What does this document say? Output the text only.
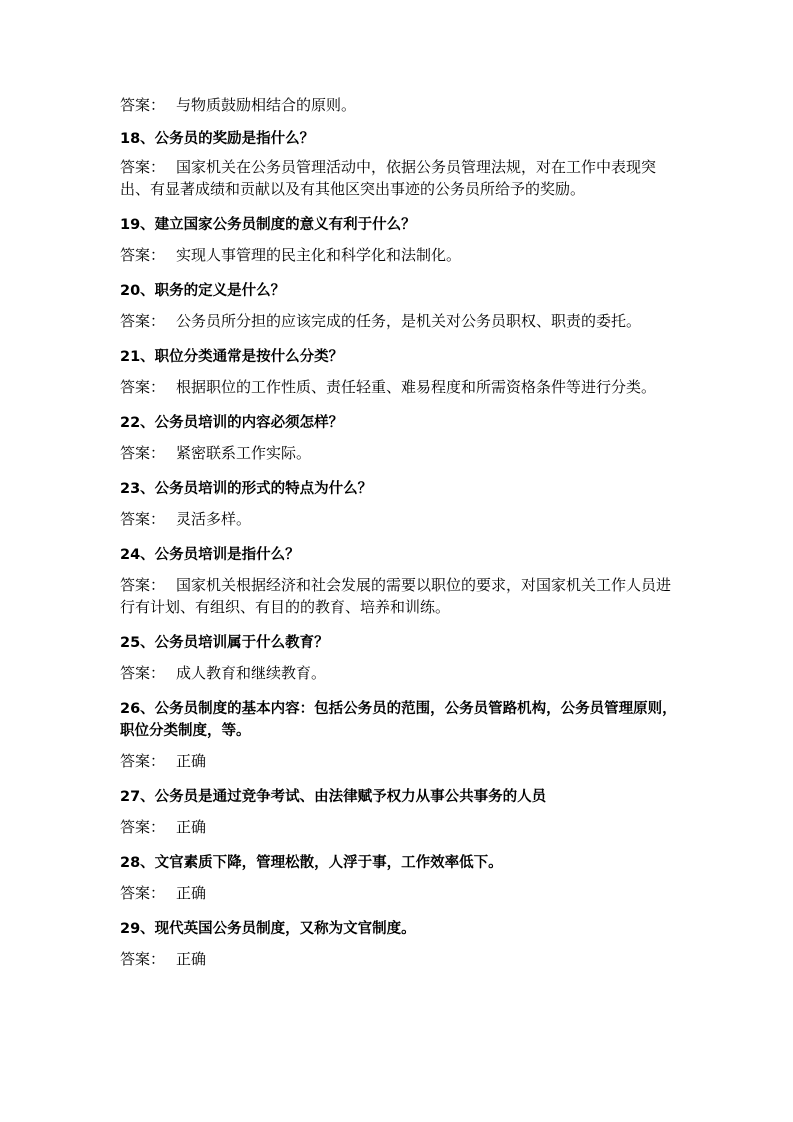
答案： 与物质鼓励相结合的原则。

18、公务员的奖励是指什么？

答案： 国家机关在公务员管理活动中，依据公务员管理法规，对在工作中表现突出、有显著成绩和贡献以及有其他区突出事迹的公务员所给予的奖励。

19、建立国家公务员制度的意义有利于什么？

答案： 实现人事管理的民主化和科学化和法制化。

20、职务的定义是什么？

答案： 公务员所分担的应该完成的任务，是机关对公务员职权、职责的委托。

21、职位分类通常是按什么分类？

答案： 根据职位的工作性质、责任轻重、难易程度和所需资格条件等进行分类。

22、公务员培训的内容必须怎样？

答案： 紧密联系工作实际。

23、公务员培训的形式的特点为什么？

答案： 灵活多样。

24、公务员培训是指什么？

答案： 国家机关根据经济和社会发展的需要以职位的要求，对国家机关工作人员进行有计划、有组织、有目的的教育、培养和训练。

25、公务员培训属于什么教育？

答案： 成人教育和继续教育。

26、公务员制度的基本内容：包括公务员的范围，公务员管路机构，公务员管理原则，职位分类制度，等。

答案： 正确

27、公务员是通过竞争考试、由法律赋予权力从事公共事务的人员

答案： 正确

28、文官素质下降，管理松散，人浮于事，工作效率低下。

答案： 正确

29、现代英国公务员制度，又称为文官制度。

答案： 正确
